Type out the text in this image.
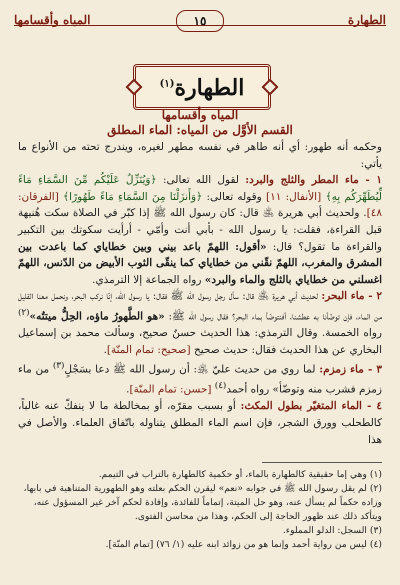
الطهارة
١٥
المياه وأقسامها
الطهارة$^{(١)}$
المياه وأقسامها
القسم الأوَّل من المياه: الماء المطلق

وحكمه أنه طهور: أي أنه طاهر في نفسه مطهر لغيره، ويندرج تحته من الأنواع ما يأتي:

١ - ماء المطر والثلج والبرد: لقول الله تعالى: ﴿وَيُنَزِّلُ عَلَيْكُم مِّنَ السَّمَاءِ مَاءً لِّيُطَهِّرَكُم بِهِ﴾ [الأنفال: ١١] وقوله تعالى: ﴿وَأَنزَلْنَا مِنَ السَّمَاءِ مَاءً طَهُورًا﴾ [الفرقان: ٤٨]. ولحديث أبي هريرة ﵁ قال: كان رسول الله ﷺ إذا كبّر في الصلاة سكت هُنيهة قبل القراءة، فقلت: يا رسول الله - بأبي أنت وأمّي - أرأيت سكوتك بين التكبير والقراءة ما تقول؟ قال: «أقول: اللهمّ باعد بيني وبين خطاياي كما باعدت بين المشرق والمغرب، اللهمّ نقّني من خطاياي كما ينقّى الثوب الأبيض من الدّنس، اللهمّ اغسلني من خطاياي بالثلج والماء والبرد» رواه الجماعة إلا الترمذي.

٢ - ماء البحر: لحديث أبي هريرة ﵁ قال: سأل رجل رسول الله ﷺ فقال: يا رسول الله، إنّا نركب البحر، ونحمل معنا القليل من الماء، فإن توضّأنا به عطشنا، أفنتوضّأ بماء البحر؟ فقال رسول الله ﷺ: «هو الطَّهورُ ماؤه، الحِلُّ ميتتُه»$^{(٢)}$ رواه الخمسة. وقال الترمذي: هذا الحديث حسنٌ صحيح، وسألت محمد بن إسماعيل البخاري عن هذا الحديث فقال: حديث صحيح [صحيح: تمام المنّة].

٣ - ماء زمزم: لما روي من حديث عليّ ﵁: أن رسول الله ﷺ دعا بسَجْلٍ$^{(٣)}$ من ماء زمزم فشرب منه وتوضّأ» رواه أحمد$^{(٤)}$ [حسن: تمام المنّة].

٤ - الماء المتغيّر بطول المكث: أو بسبب مقرّه، أو بمخالطة ما لا ينفكّ عنه غالباً، كالطحلب وورق الشجر، فإن اسم الماء المطلق يتناوله باتّفاق العلماء. والأصل في هذا

(١) وهي إما حقيقية كالطهارة بالماء، أو حكمية كالطهارة بالتراب في التيمم.

(٢) لم يقل رسول الله ﷺ في جوابه «نعم» ليقرن الحكم بعلته وهو الطهورية المتناهية في بابها، وزاده حكماً لم يسأل عنه، وهو حل الميتة، إتماماً للفائدة، وإفادة لحكم آخر غير المسؤول عنه، ويتأكد ذلك عند ظهور الحاجة إلى الحكم، وهذا من محاسن الفتوى.

(٣) السجل: الدلو المملوء.

(٤) ليس من رواية أحمد وإنما هو من زوائد ابنه عليه (١/ ٧٦) [تمام المنّة].
